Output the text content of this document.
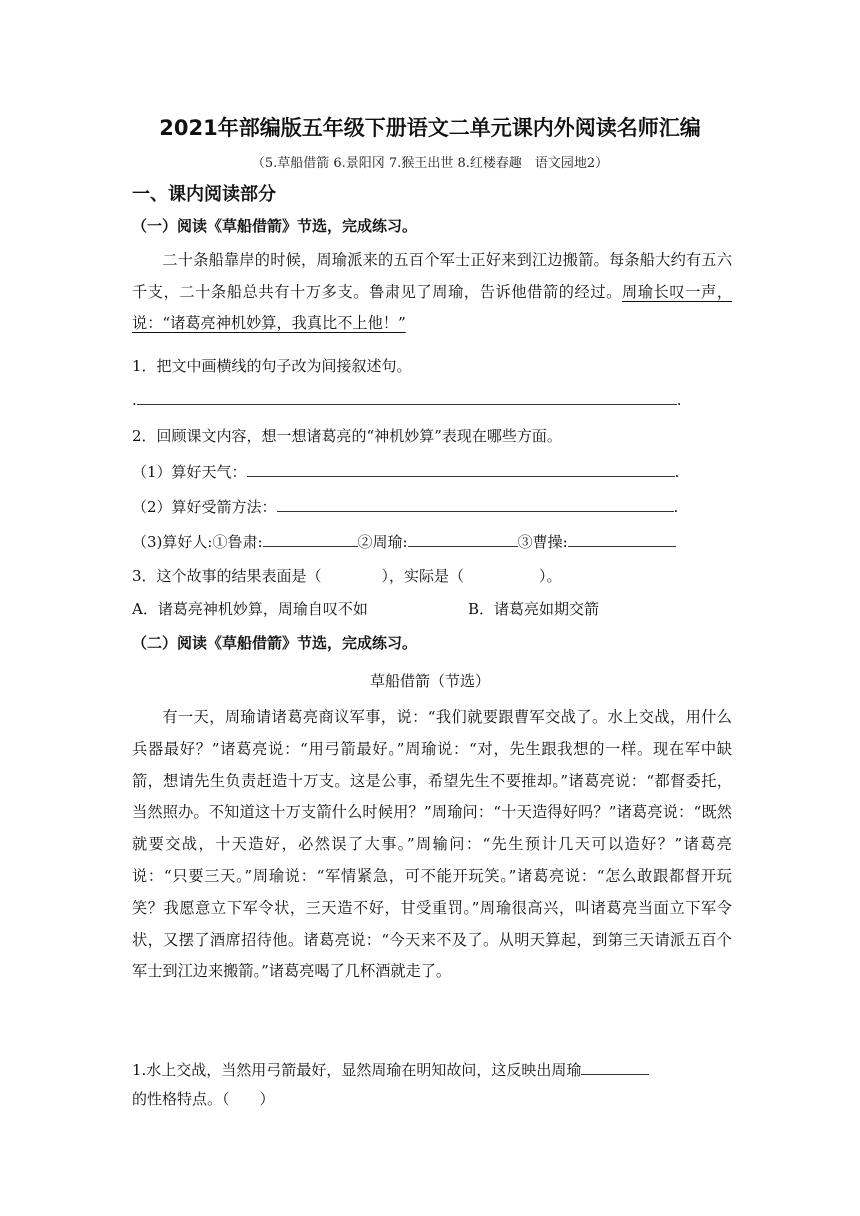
2021年部编版五年级下册语文二单元课内外阅读名师汇编
（5.草船借箭 6.景阳冈 7.猴王出世 8.红楼春趣　语文园地2）
一、课内阅读部分
（一）阅读《草船借箭》节选，完成练习。

二十条船靠岸的时候，周瑜派来的五百个军士正好来到江边搬箭。每条船大约有五六千支，二十条船总共有十万多支。鲁肃见了周瑜，告诉他借箭的经过。周瑜长叹一声，说：“诸葛亮神机妙算，我真比不上他！”

1．把文中画横线的句子改为间接叙述句。
.	.
2．回顾课文内容，想一想诸葛亮的“神机妙算”表现在哪些方面。
（1）算好天气：	.
（2）算好受箭方法：	.
（3)算好人:①鲁肃:	②周瑜:	③曹操:
3．这个故事的结果表面是（　　　　），实际是（　　　　　）。
A．诸葛亮神机妙算，周瑜自叹不如	B．诸葛亮如期交箭
（二）阅读《草船借箭》节选，完成练习。
草船借箭（节选）

有一天，周瑜请诸葛亮商议军事，说：“我们就要跟曹军交战了。水上交战，用什么兵器最好？”诸葛亮说：“用弓箭最好。”周瑜说：“对，先生跟我想的一样。现在军中缺箭，想请先生负责赶造十万支。这是公事，希望先生不要推却。”诸葛亮说：“都督委托，当然照办。不知道这十万支箭什么时候用？”周瑜问：“十天造得好吗？”诸葛亮说：“既然就要交战，十天造好，必然误了大事。”周输问：“先生预计几天可以造好？”诸葛亮说：“只要三天。”周瑜说：“军情紧急，可不能开玩笑。”诸葛亮说：“怎么敢跟都督开玩笑？我愿意立下军令状，三天造不好，甘受重罚。”周瑜很高兴，叫诸葛亮当面立下军令状，又摆了酒席招待他。诸葛亮说：“今天来不及了。从明天算起，到第三天请派五百个军士到江边来搬箭。”诸葛亮喝了几杯酒就走了。

1.水上交战，当然用弓箭最好，显然周瑜在明知故问，这反映出周瑜
的性格特点。（　　）
